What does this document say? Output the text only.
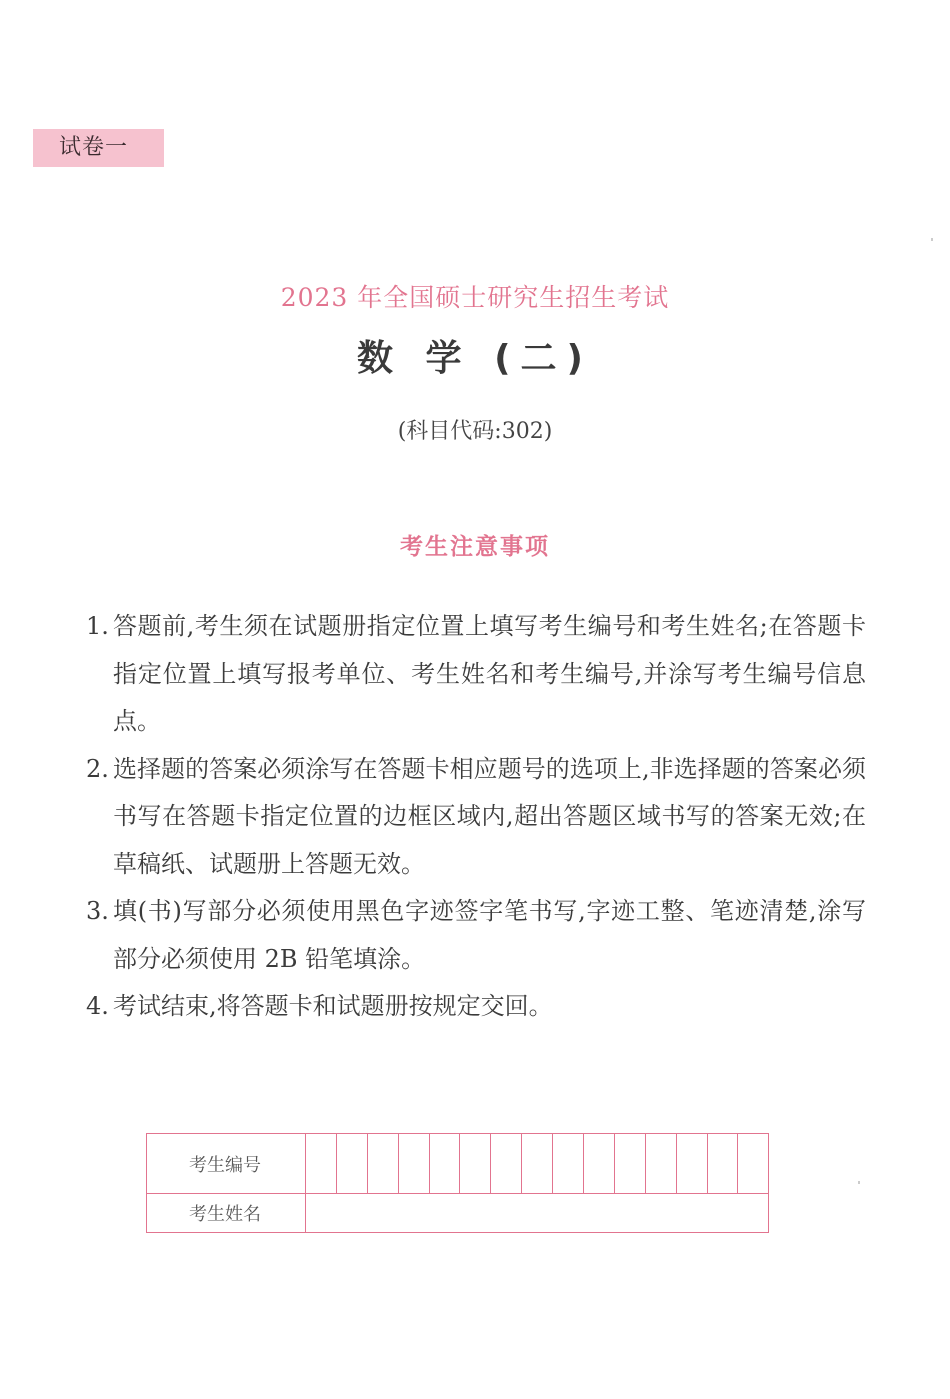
试卷一
2023 年全国硕士研究生招生考试
数 学 (二)
(科目代码:302)
考生注意事项
1. 答题前,考生须在试题册指定位置上填写考生编号和考生姓名;在答题卡指定位置上填写报考单位、考生姓名和考生编号,并涂写考生编号信息点。
2. 选择题的答案必须涂写在答题卡相应题号的选项上,非选择题的答案必须书写在答题卡指定位置的边框区域内,超出答题区域书写的答案无效;在草稿纸、试题册上答题无效。
3. 填(书)写部分必须使用黑色字迹签字笔书写,字迹工整、笔迹清楚,涂写部分必须使用 2B 铅笔填涂。
4. 考试结束,将答题卡和试题册按规定交回。
考生编号															
考生姓名															
